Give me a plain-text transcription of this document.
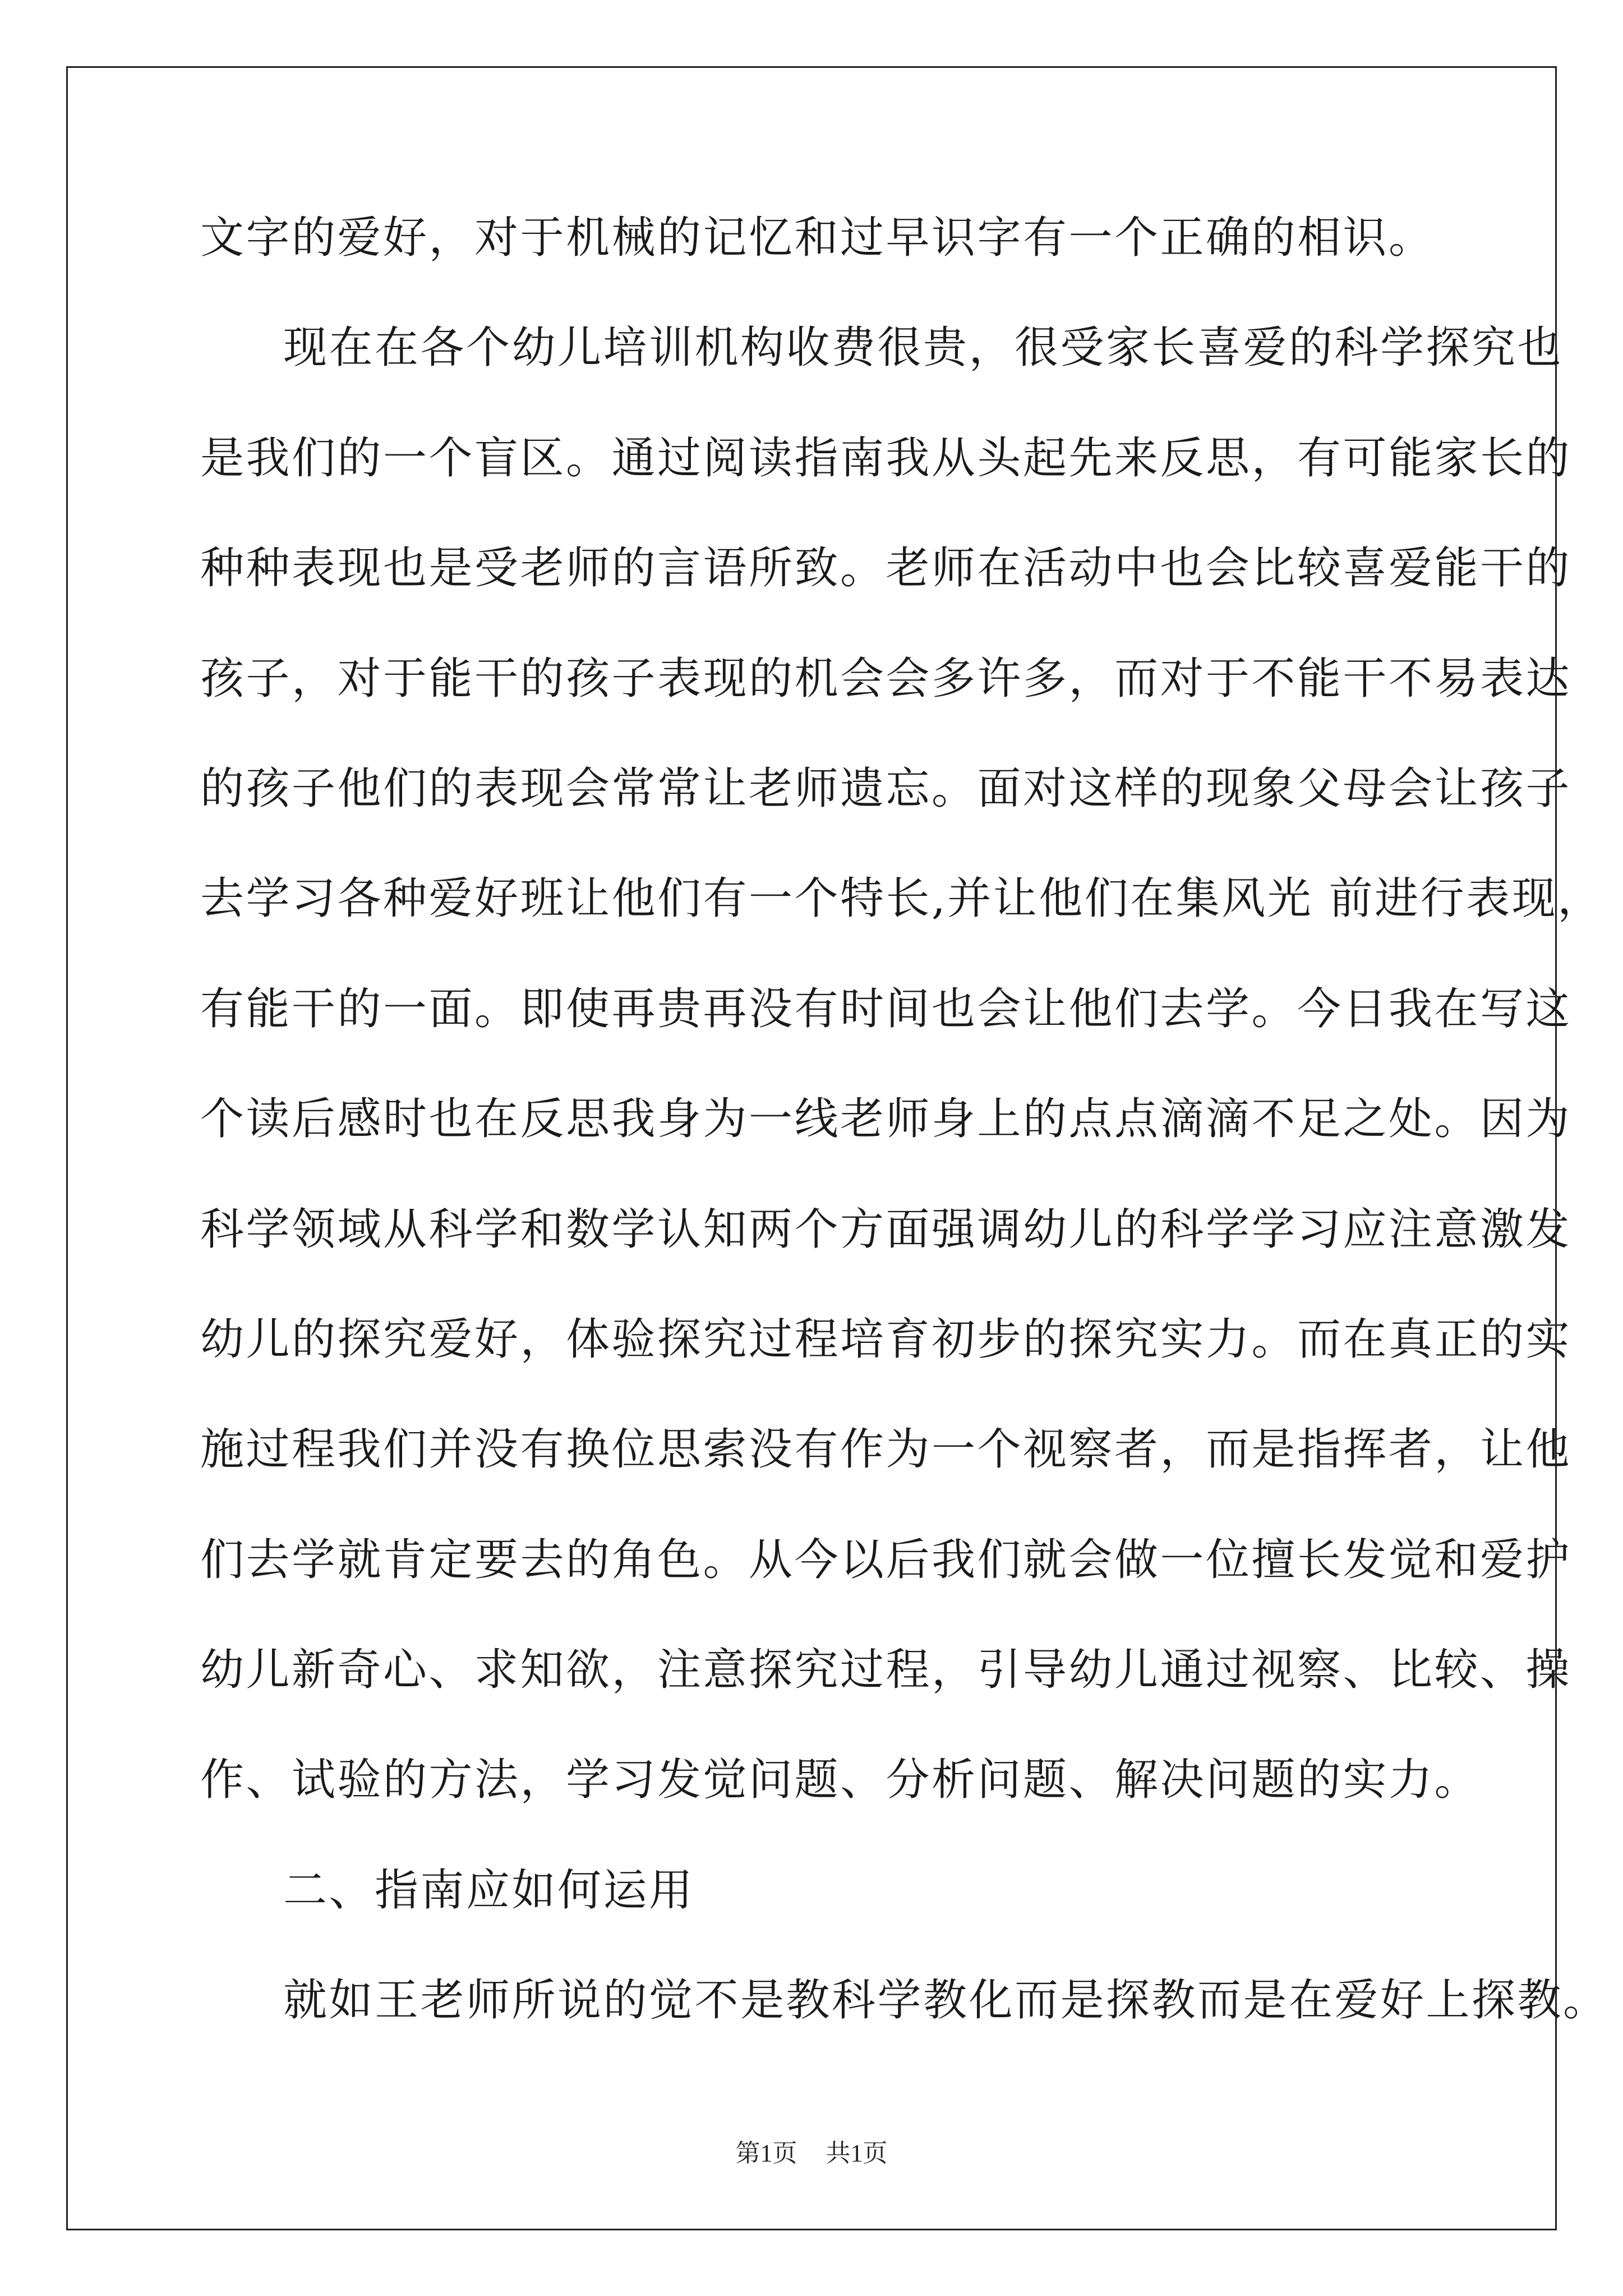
文字的爱好，对于机械的记忆和过早识字有一个正确的相识。
现在在各个幼儿培训机构收费很贵，很受家长喜爱的科学探究也
是我们的一个盲区。通过阅读指南我从头起先来反思，有可能家长的
种种表现也是受老师的言语所致。老师在活动中也会比较喜爱能干的
孩子，对于能干的孩子表现的机会会多许多，而对于不能干不易表达
的孩子他们的表现会常常让老师遗忘。面对这样的现象父母会让孩子
去学习各种爱好班让他们有一个特长,并让他们在集风光 前进行表现，
有能干的一面。即使再贵再没有时间也会让他们去学。今日我在写这
个读后感时也在反思我身为一线老师身上的点点滴滴不足之处。因为
科学领域从科学和数学认知两个方面强调幼儿的科学学习应注意激发
幼儿的探究爱好，体验探究过程培育初步的探究实力。而在真正的实
施过程我们并没有换位思索没有作为一个视察者，而是指挥者，让他
们去学就肯定要去的角色。从今以后我们就会做一位擅长发觉和爱护
幼儿新奇心、求知欲，注意探究过程，引导幼儿通过视察、比较、操
作、试验的方法，学习发觉问题、分析问题、解决问题的实力。
二、指南应如何运用
就如王老师所说的觉不是教科学教化而是探教而是在爱好上探教。
第1页 共1页
